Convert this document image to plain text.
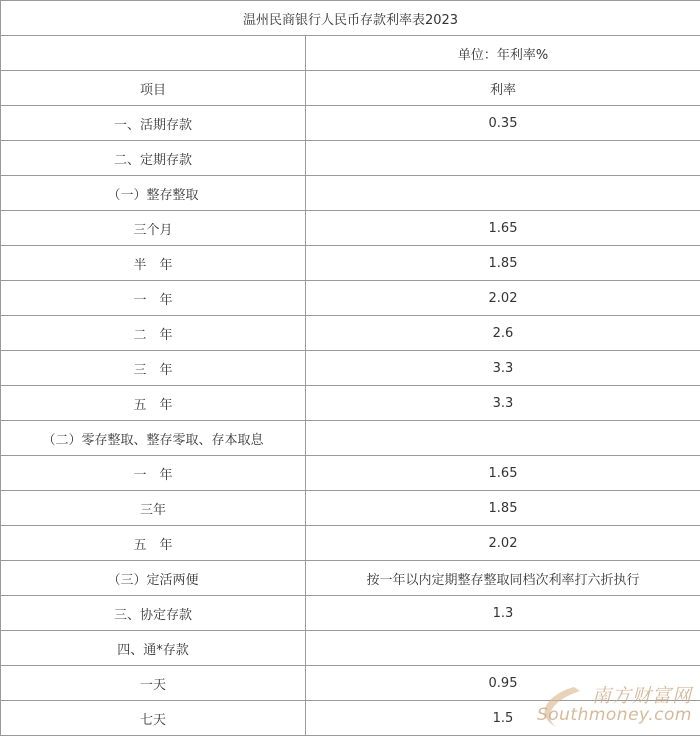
温州民商银行人民币存款利率表2023	
	单位：年利率%
项目	利率
一、活期存款	0.35
二、定期存款	
（一）整存整取	
三个月	1.65
半　年	1.85
一　年	2.02
二　年	2.6
三　年	3.3
五　年	3.3
（二）零存整取、整存零取、存本取息	
一　年	1.65
三年	1.85
五　年	2.02
（三）定活两便	按一年以内定期整存整取同档次利率打六折执行
三、协定存款	1.3
四、通*存款	
一天	0.95
七天	1.5
南方财富网
Southmoney.com
